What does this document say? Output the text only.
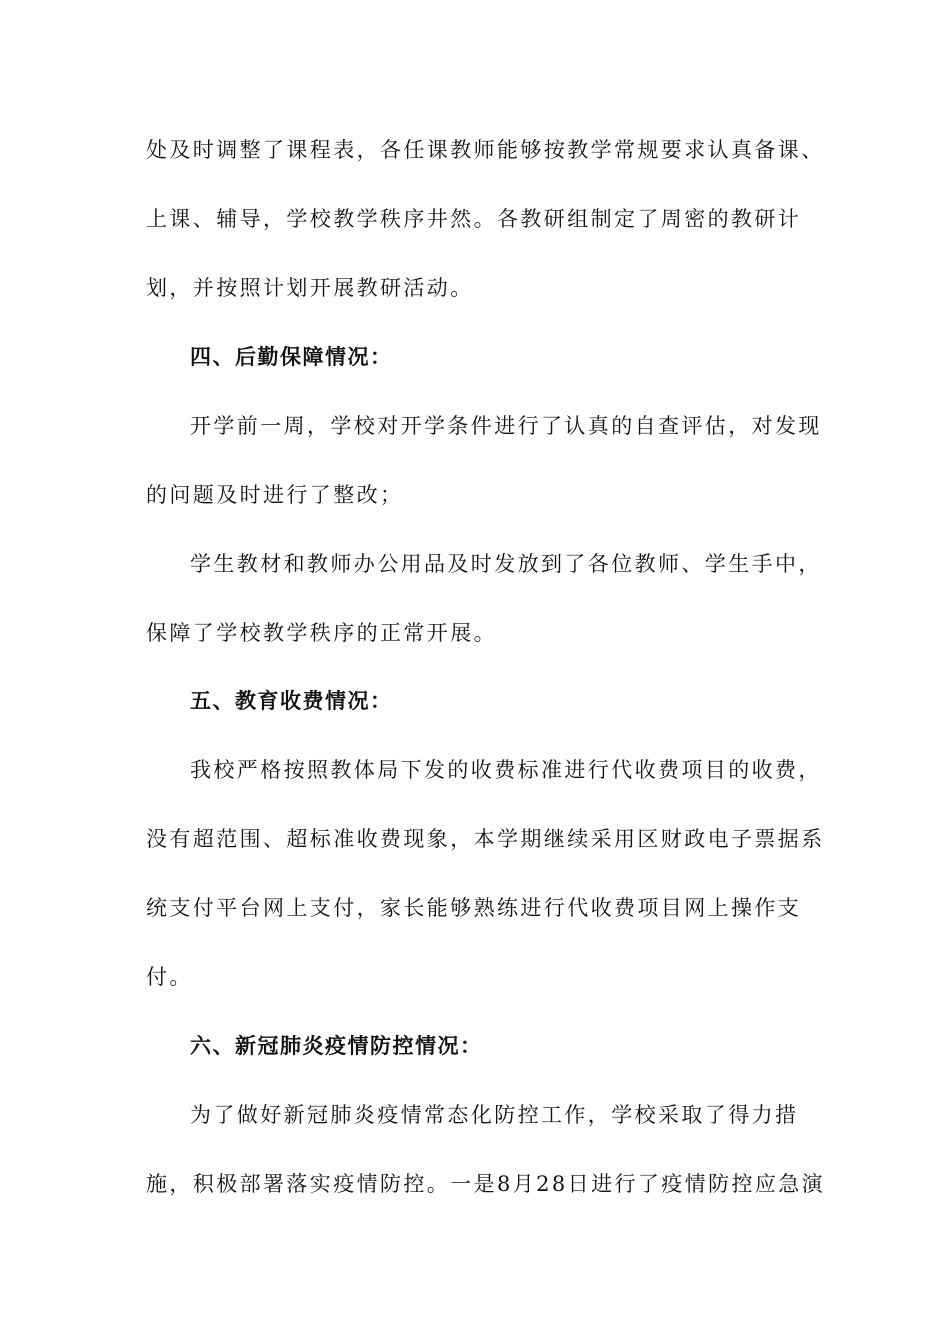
处及时调整了课程表，各任课教师能够按教学常规要求认真备课、
上课、辅导，学校教学秩序井然。各教研组制定了周密的教研计
划，并按照计划开展教研活动。
四、后勤保障情况：
开学前一周，学校对开学条件进行了认真的自查评估，对发现
的问题及时进行了整改；
学生教材和教师办公用品及时发放到了各位教师、学生手中，
保障了学校教学秩序的正常开展。
五、教育收费情况：
我校严格按照教体局下发的收费标准进行代收费项目的收费，
没有超范围、超标准收费现象，本学期继续采用区财政电子票据系
统支付平台网上支付，家长能够熟练进行代收费项目网上操作支
付。
六、新冠肺炎疫情防控情况：
为了做好新冠肺炎疫情常态化防控工作，学校采取了得力措
施，积极部署落实疫情防控。一是8月28日进行了疫情防控应急演
